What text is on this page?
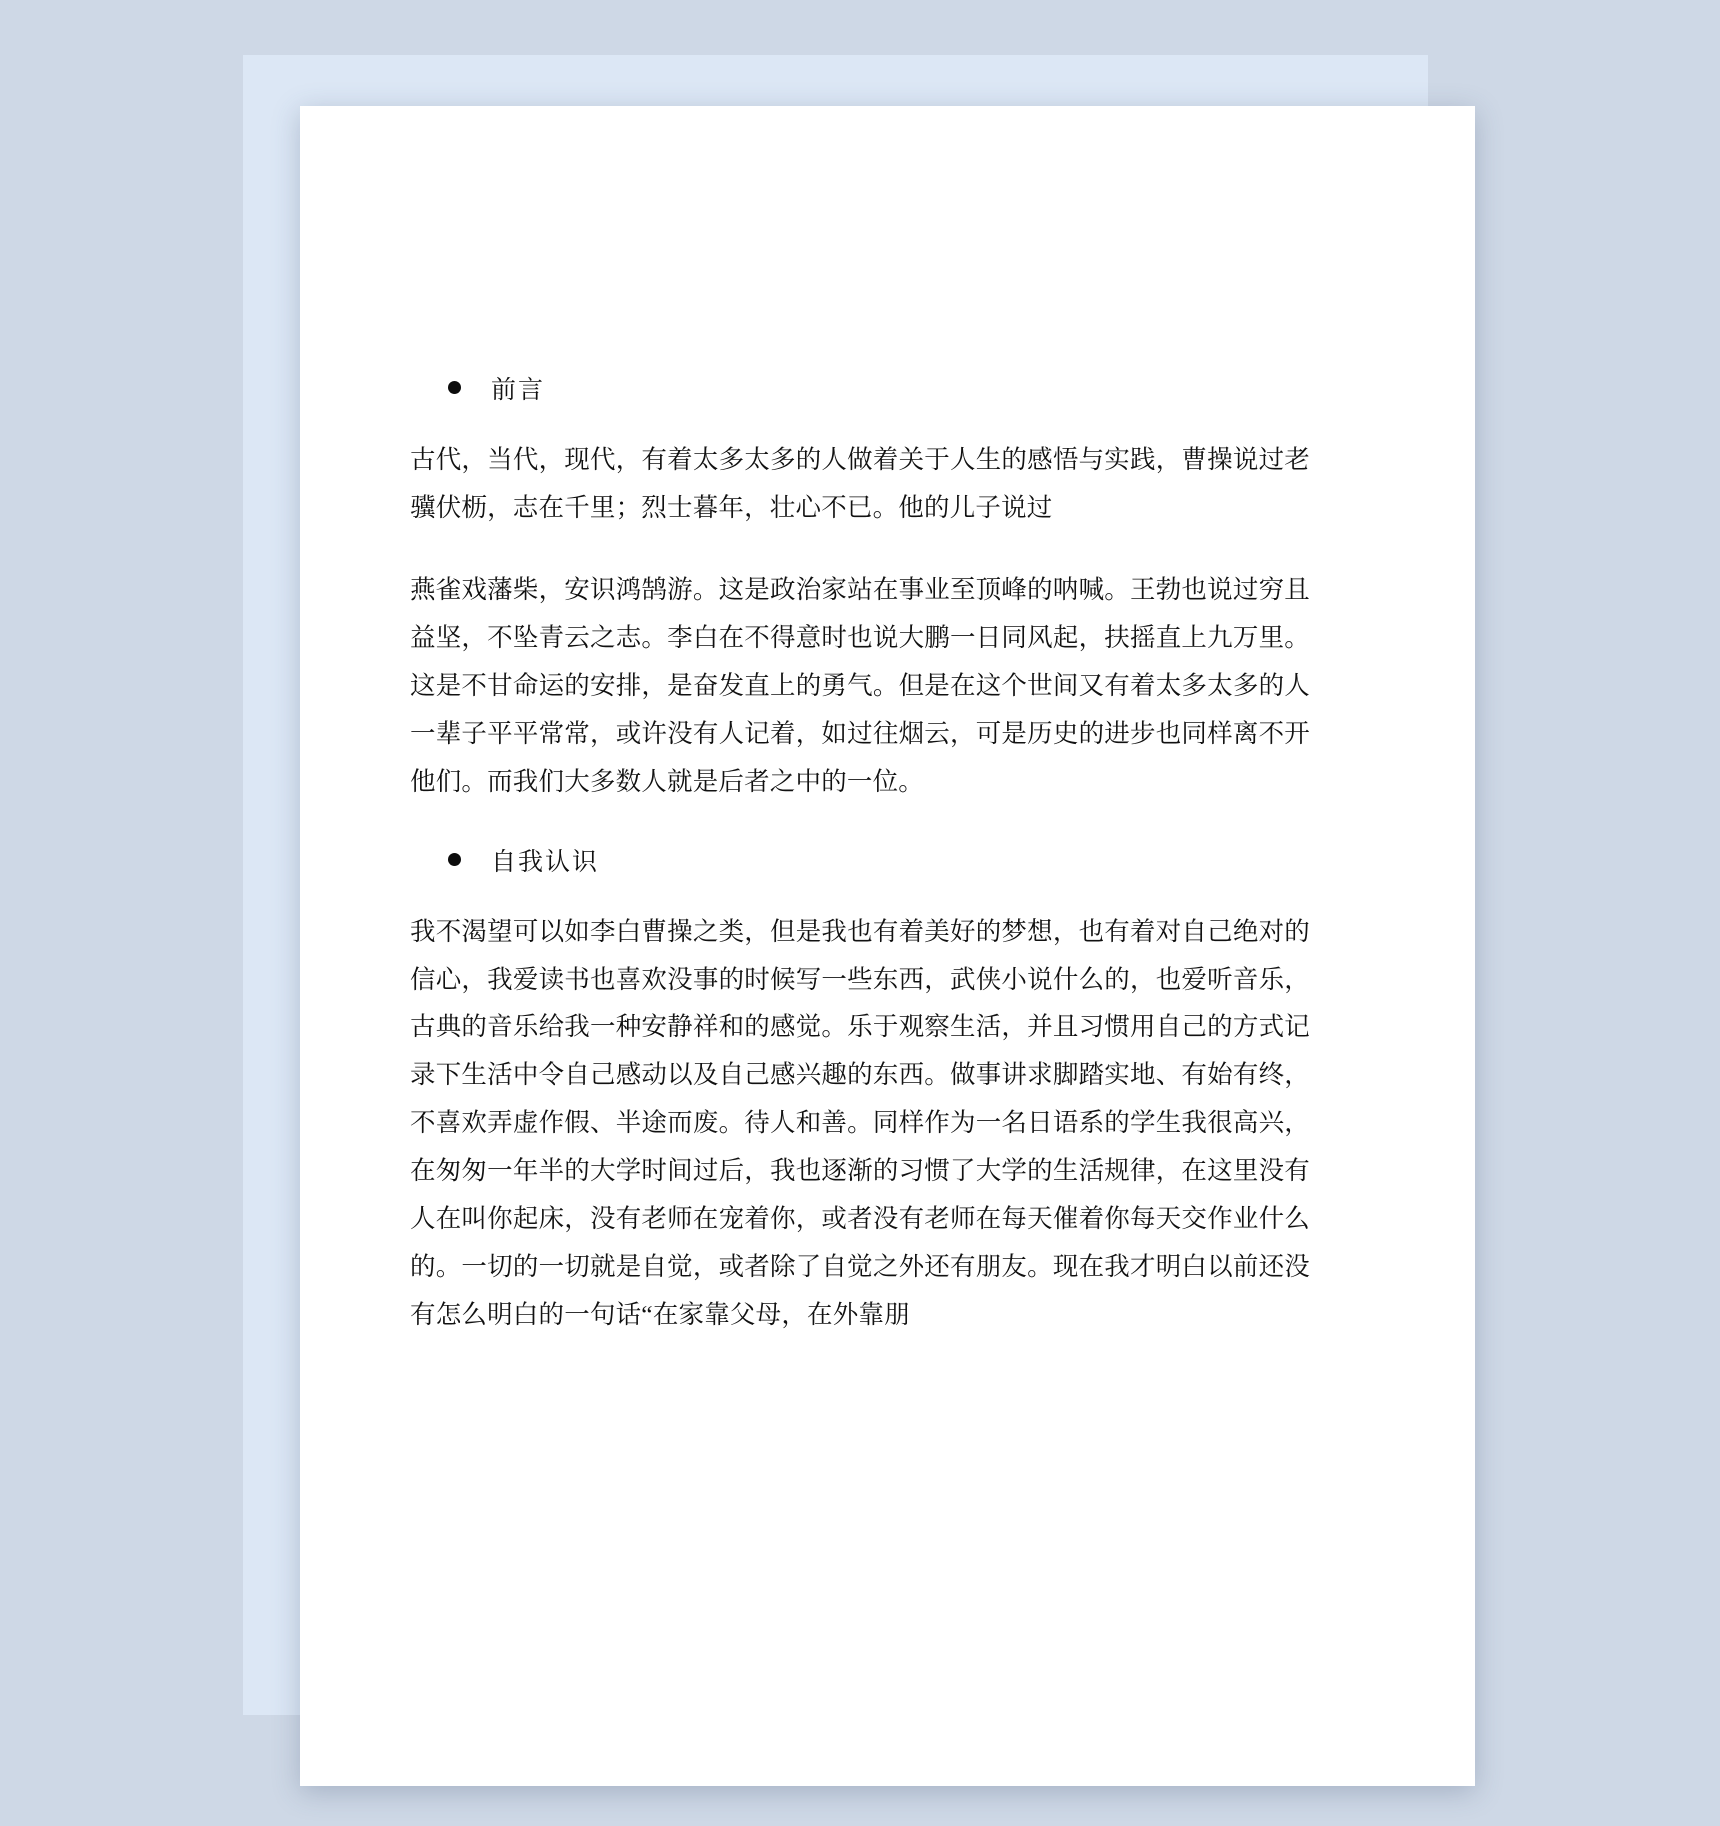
前言

古代，当代，现代，有着太多太多的人做着关于人生的感悟与实践，曹操说过老骥伏枥，志在千里；烈士暮年，壮心不已。他的儿子说过

燕雀戏藩柴，安识鸿鹄游。这是政治家站在事业至顶峰的呐喊。王勃也说过穷且益坚，不坠青云之志。李白在不得意时也说大鹏一日同风起，扶摇直上九万里。 这是不甘命运的安排，是奋发直上的勇气。但是在这个世间又有着太多太多的人一辈子平平常常，或许没有人记着，如过往烟云，可是历史的进步也同样离不开他们。而我们大多数人就是后者之中的一位。

自我认识

我不渴望可以如李白曹操之类，但是我也有着美好的梦想，也有着对自己绝对的信心，我爱读书也喜欢没事的时候写一些东西，武侠小说什么的，也爱听音乐，古典的音乐给我一种安静祥和的感觉。乐于观察生活，并且习惯用自己的方式记录下生活中令自己感动以及自己感兴趣的东西。做事讲求脚踏实地、有始有终，不喜欢弄虚作假、半途而废。待人和善。同样作为一名日语系的学生我很高兴，在匆匆一年半的大学时间过后，我也逐渐的习惯了大学的生活规律，在这里没有人在叫你起床，没有老师在宠着你，或者没有老师在每天催着你每天交作业什么的。一切的一切就是自觉，或者除了自觉之外还有朋友。现在我才明白以前还没有怎么明白的一句话“在家靠父母，在外靠朋
